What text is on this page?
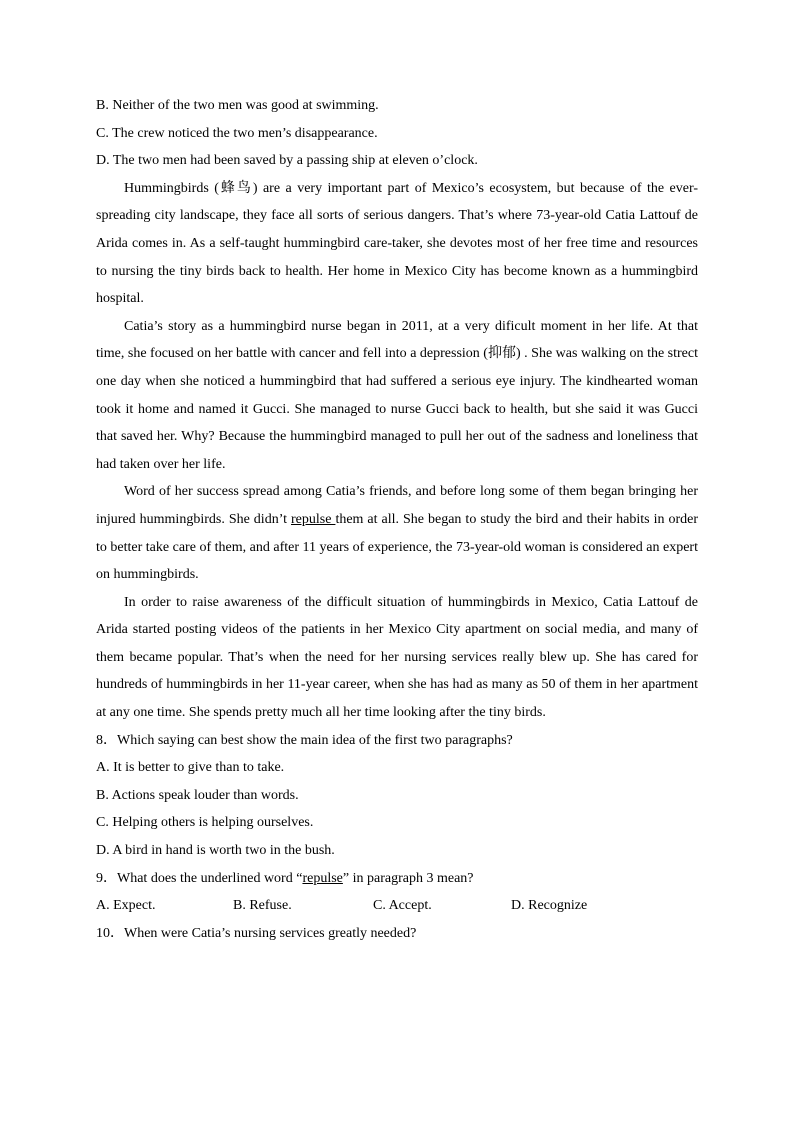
B. Neither of the two men was good at swimming.
C. The crew noticed the two men’s disappearance.
D. The two men had been saved by a passing ship at eleven o’clock.

Hummingbirds (蜂鸟) are a very important part of Mexico’s ecosystem, but because of the ever-spreading city landscape, they face all sorts of serious dangers. That’s where 73-year-old Catia Lattouf de Arida comes in. As a self-taught hummingbird care-taker, she devotes most of her free time and resources to nursing the tiny birds back to health. Her home in Mexico City has become known as a hummingbird hospital.

Catia’s story as a hummingbird nurse began in 2011, at a very dificult moment in her life. At that time, she focused on her battle with cancer and fell into a depression (抑郁) . She was walking on the strect one day when she noticed a hummingbird that had suffered a serious eye injury. The kindhearted woman took it home and named it Gucci. She managed to nurse Gucci back to health, but she said it was Gucci that saved her. Why? Because the hummingbird managed to pull her out of the sadness and loneliness that had taken over her life.

Word of her success spread among Catia’s friends, and before long some of them began bringing her injured hummingbirds. She didn’t repulse them at all. She began to study the bird and their habits in order to better take care of them, and after 11 years of experience, the 73-year-old woman is considered an expert on hummingbirds.

In order to raise awareness of the difficult situation of hummingbirds in Mexico, Catia Lattouf de Arida started posting videos of the patients in her Mexico City apartment on social media, and many of them became popular. That’s when the need for her nursing services really blew up. She has cared for hundreds of hummingbirds in her 11-year career, when she has had as many as 50 of them in her apartment at any one time. She spends pretty much all her time looking after the tiny birds.

8．Which saying can best show the main idea of the first two paragraphs?
A. It is better to give than to take.
B. Actions speak louder than words.
C. Helping others is helping ourselves.
D. A bird in hand is worth two in the bush.
9．What does the underlined word “repulse” in paragraph 3 mean?
A. Expect.	B. Refuse.	C. Accept.	D. Recognize
10．When were Catia’s nursing services greatly needed?
